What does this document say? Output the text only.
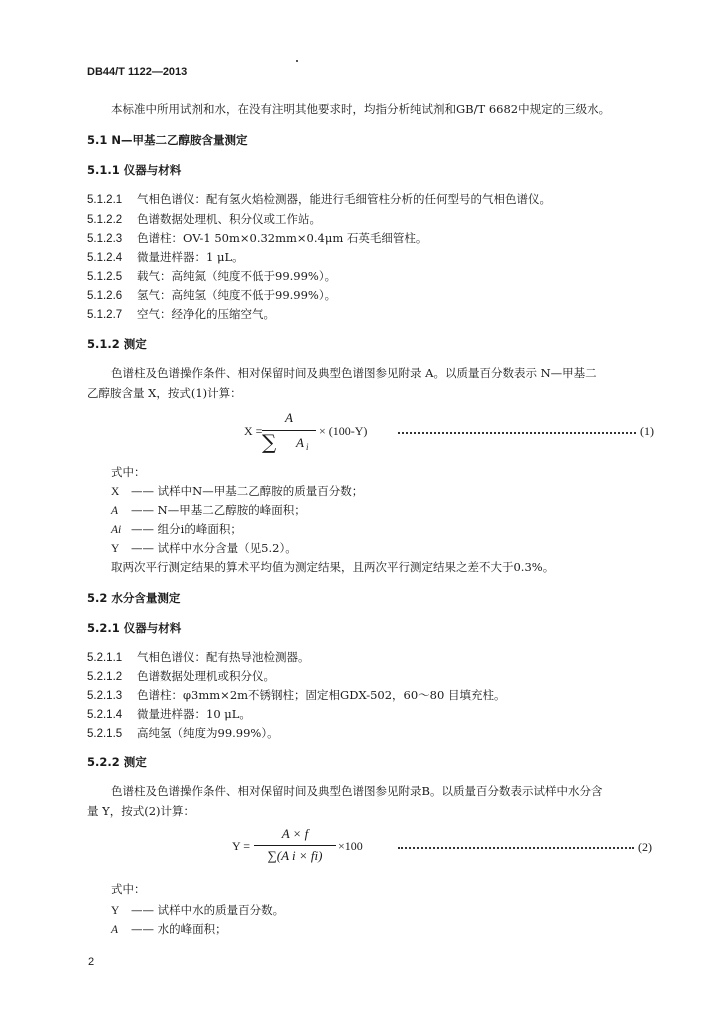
DB44/T 1122—2013
本标准中所用试剂和水，在没有注明其他要求时，均指分析纯试剂和GB/T 6682中规定的三级水。
5.1 N—甲基二乙醇胺含量测定
5.1.1 仪器与材料
5.1.2.1 气相色谱仪：配有氢火焰检测器，能进行毛细管柱分析的任何型号的气相色谱仪。
5.1.2.2 色谱数据处理机、积分仪或工作站。
5.1.2.3 色谱柱：OV-1 50m×0.32mm×0.4μm 石英毛细管柱。
5.1.2.4 微量进样器：1 μL。
5.1.2.5 载气：高纯氮（纯度不低于99.99%）。
5.1.2.6 氢气：高纯氢（纯度不低于99.99%）。
5.1.2.7 空气：经净化的压缩空气。
5.1.2 测定
色谱柱及色谱操作条件、相对保留时间及典型色谱图参见附录 A。以质量百分数表示 N—甲基二
乙醇胺含量 X，按式(1)计算：
X =
A
∑ A i
× (100-Y)	(1)
式中：
X —— 试样中N—甲基二乙醇胺的质量百分数；
A —— N—甲基二乙醇胺的峰面积；
Ai —— 组分i的峰面积；
Y —— 试样中水分含量（见5.2）。
取两次平行测定结果的算术平均值为测定结果，且两次平行测定结果之差不大于0.3%。
5.2 水分含量测定
5.2.1 仪器与材料
5.2.1.1 气相色谱仪：配有热导池检测器。
5.2.1.2 色谱数据处理机或积分仪。
5.2.1.3 色谱柱：φ3mm×2m不锈钢柱；固定相GDX-502，60～80 目填充柱。
5.2.1.4 微量进样器：10 μL。
5.2.1.5 高纯氢（纯度为99.99%）。
5.2.2 测定
色谱柱及色谱操作条件、相对保留时间及典型色谱图参见附录B。以质量百分数表示试样中水分含
量 Y，按式(2)计算：
Y =
A × f
∑(A i × fi)
×100	(2)
式中：
Y —— 试样中水的质量百分数。
A —— 水的峰面积；
2
